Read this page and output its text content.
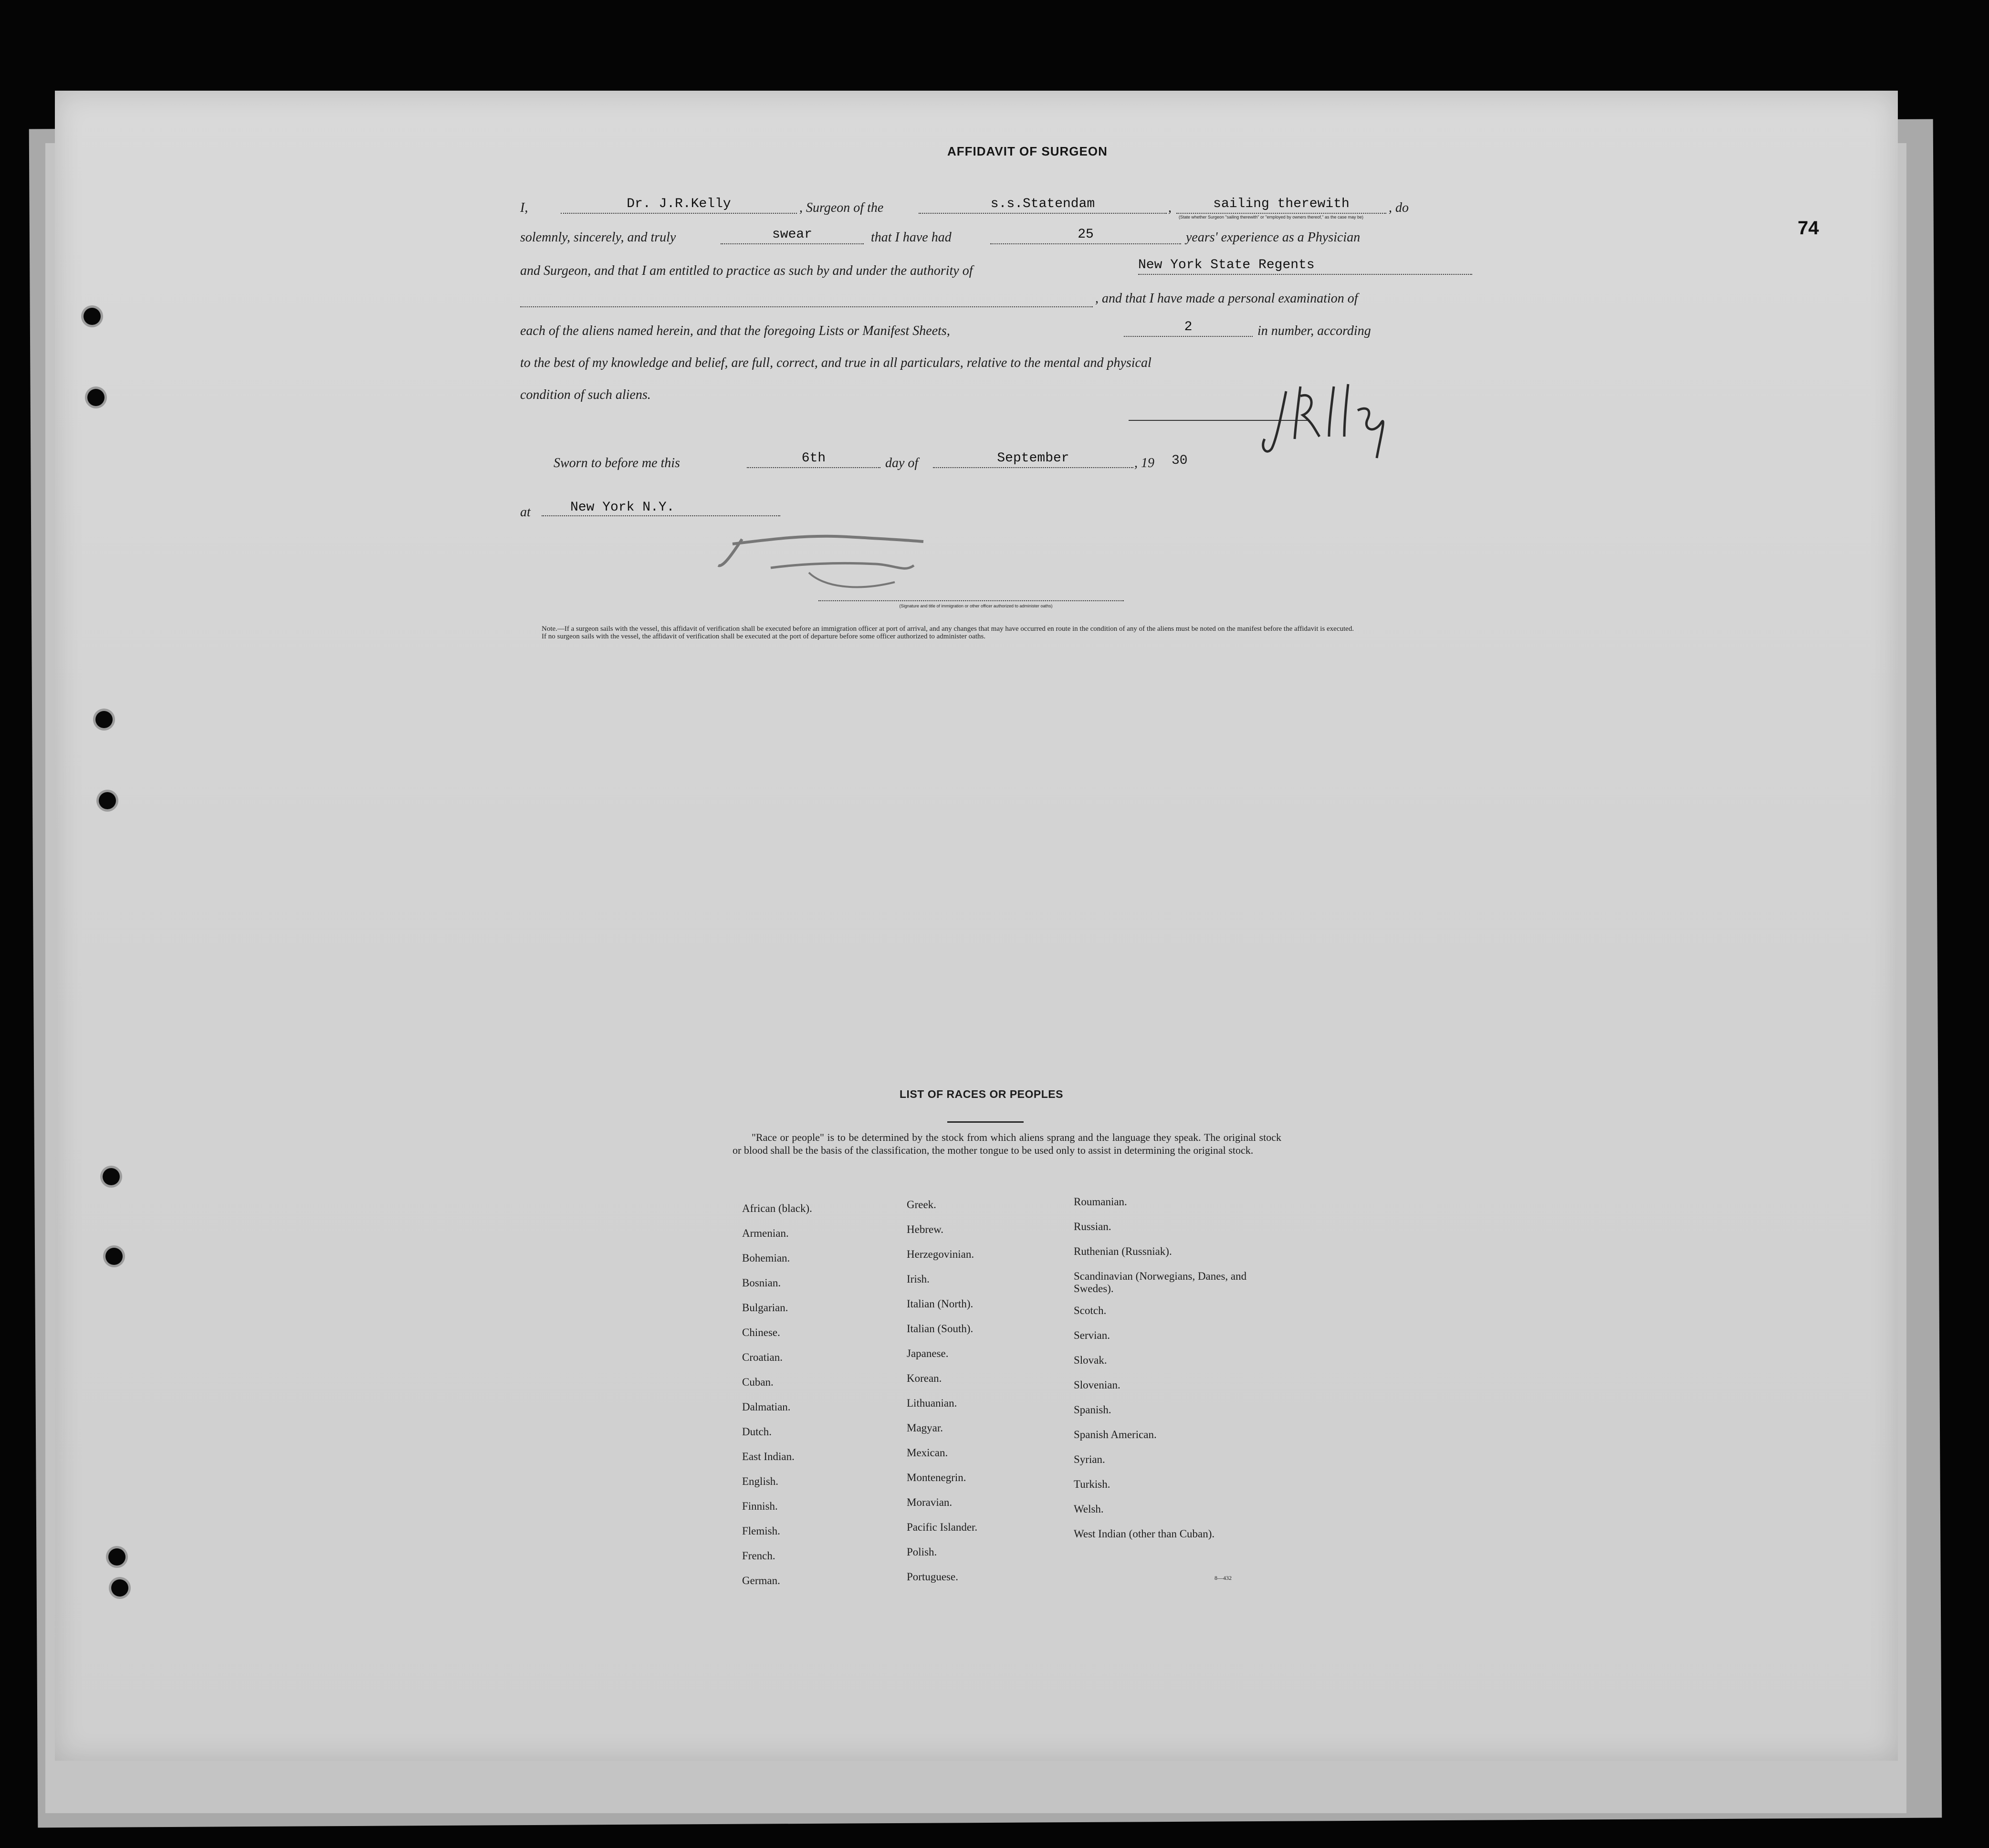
AFFIDAVIT OF SURGEON
74
I,	Dr. J.R.Kelly	, Surgeon of the	s.s.Statendam	,	sailing therewith	, do
(State whether Surgeon "sailing therewith" or "employed by owners thereof," as the case may be)
solemnly, sincerely, and truly	swear	that I have had	25	years' experience as a Physician
and Surgeon, and that I am entitled to practice as such by and under the authority of	New York State Regents
, and that I have made a personal examination of
each of the aliens named herein, and that the foregoing Lists or Manifest Sheets,	2	in number, according
to the best of my knowledge and belief, are full, correct, and true in all particulars, relative to the mental and physical
condition of such aliens.
Sworn to before me this	6th	day of	September	, 19 30
at	New York N.Y.
(Signature and title of immigration or other officer authorized to administer oaths)
Note.—If a surgeon sails with the vessel, this affidavit of verification shall be executed before an immigration officer at port of arrival, and any changes that may have occurred en route in the condition of any of the aliens must be noted on the manifest before the affidavit is executed.
If no surgeon sails with the vessel, the affidavit of verification shall be executed at the port of departure before some officer authorized to administer oaths.
LIST OF RACES OR PEOPLES
"Race or people" is to be determined by the stock from which aliens sprang and the language they speak. The original stock or blood shall be the basis of the classification, the mother tongue to be used only to assist in determining the original stock.
African (black).
Armenian.
Bohemian.
Bosnian.
Bulgarian.
Chinese.
Croatian.
Cuban.
Dalmatian.
Dutch.
East Indian.
English.
Finnish.
Flemish.
French.
German.
Greek.
Hebrew.
Herzegovinian.
Irish.
Italian (North).
Italian (South).
Japanese.
Korean.
Lithuanian.
Magyar.
Mexican.
Montenegrin.
Moravian.
Pacific Islander.
Polish.
Portuguese.
Roumanian.
Russian.
Ruthenian (Russniak).
Scandinavian (Norwegians, Danes, and Swedes).
Scotch.
Servian.
Slovak.
Slovenian.
Spanish.
Spanish American.
Syrian.
Turkish.
Welsh.
West Indian (other than Cuban).
8—432
